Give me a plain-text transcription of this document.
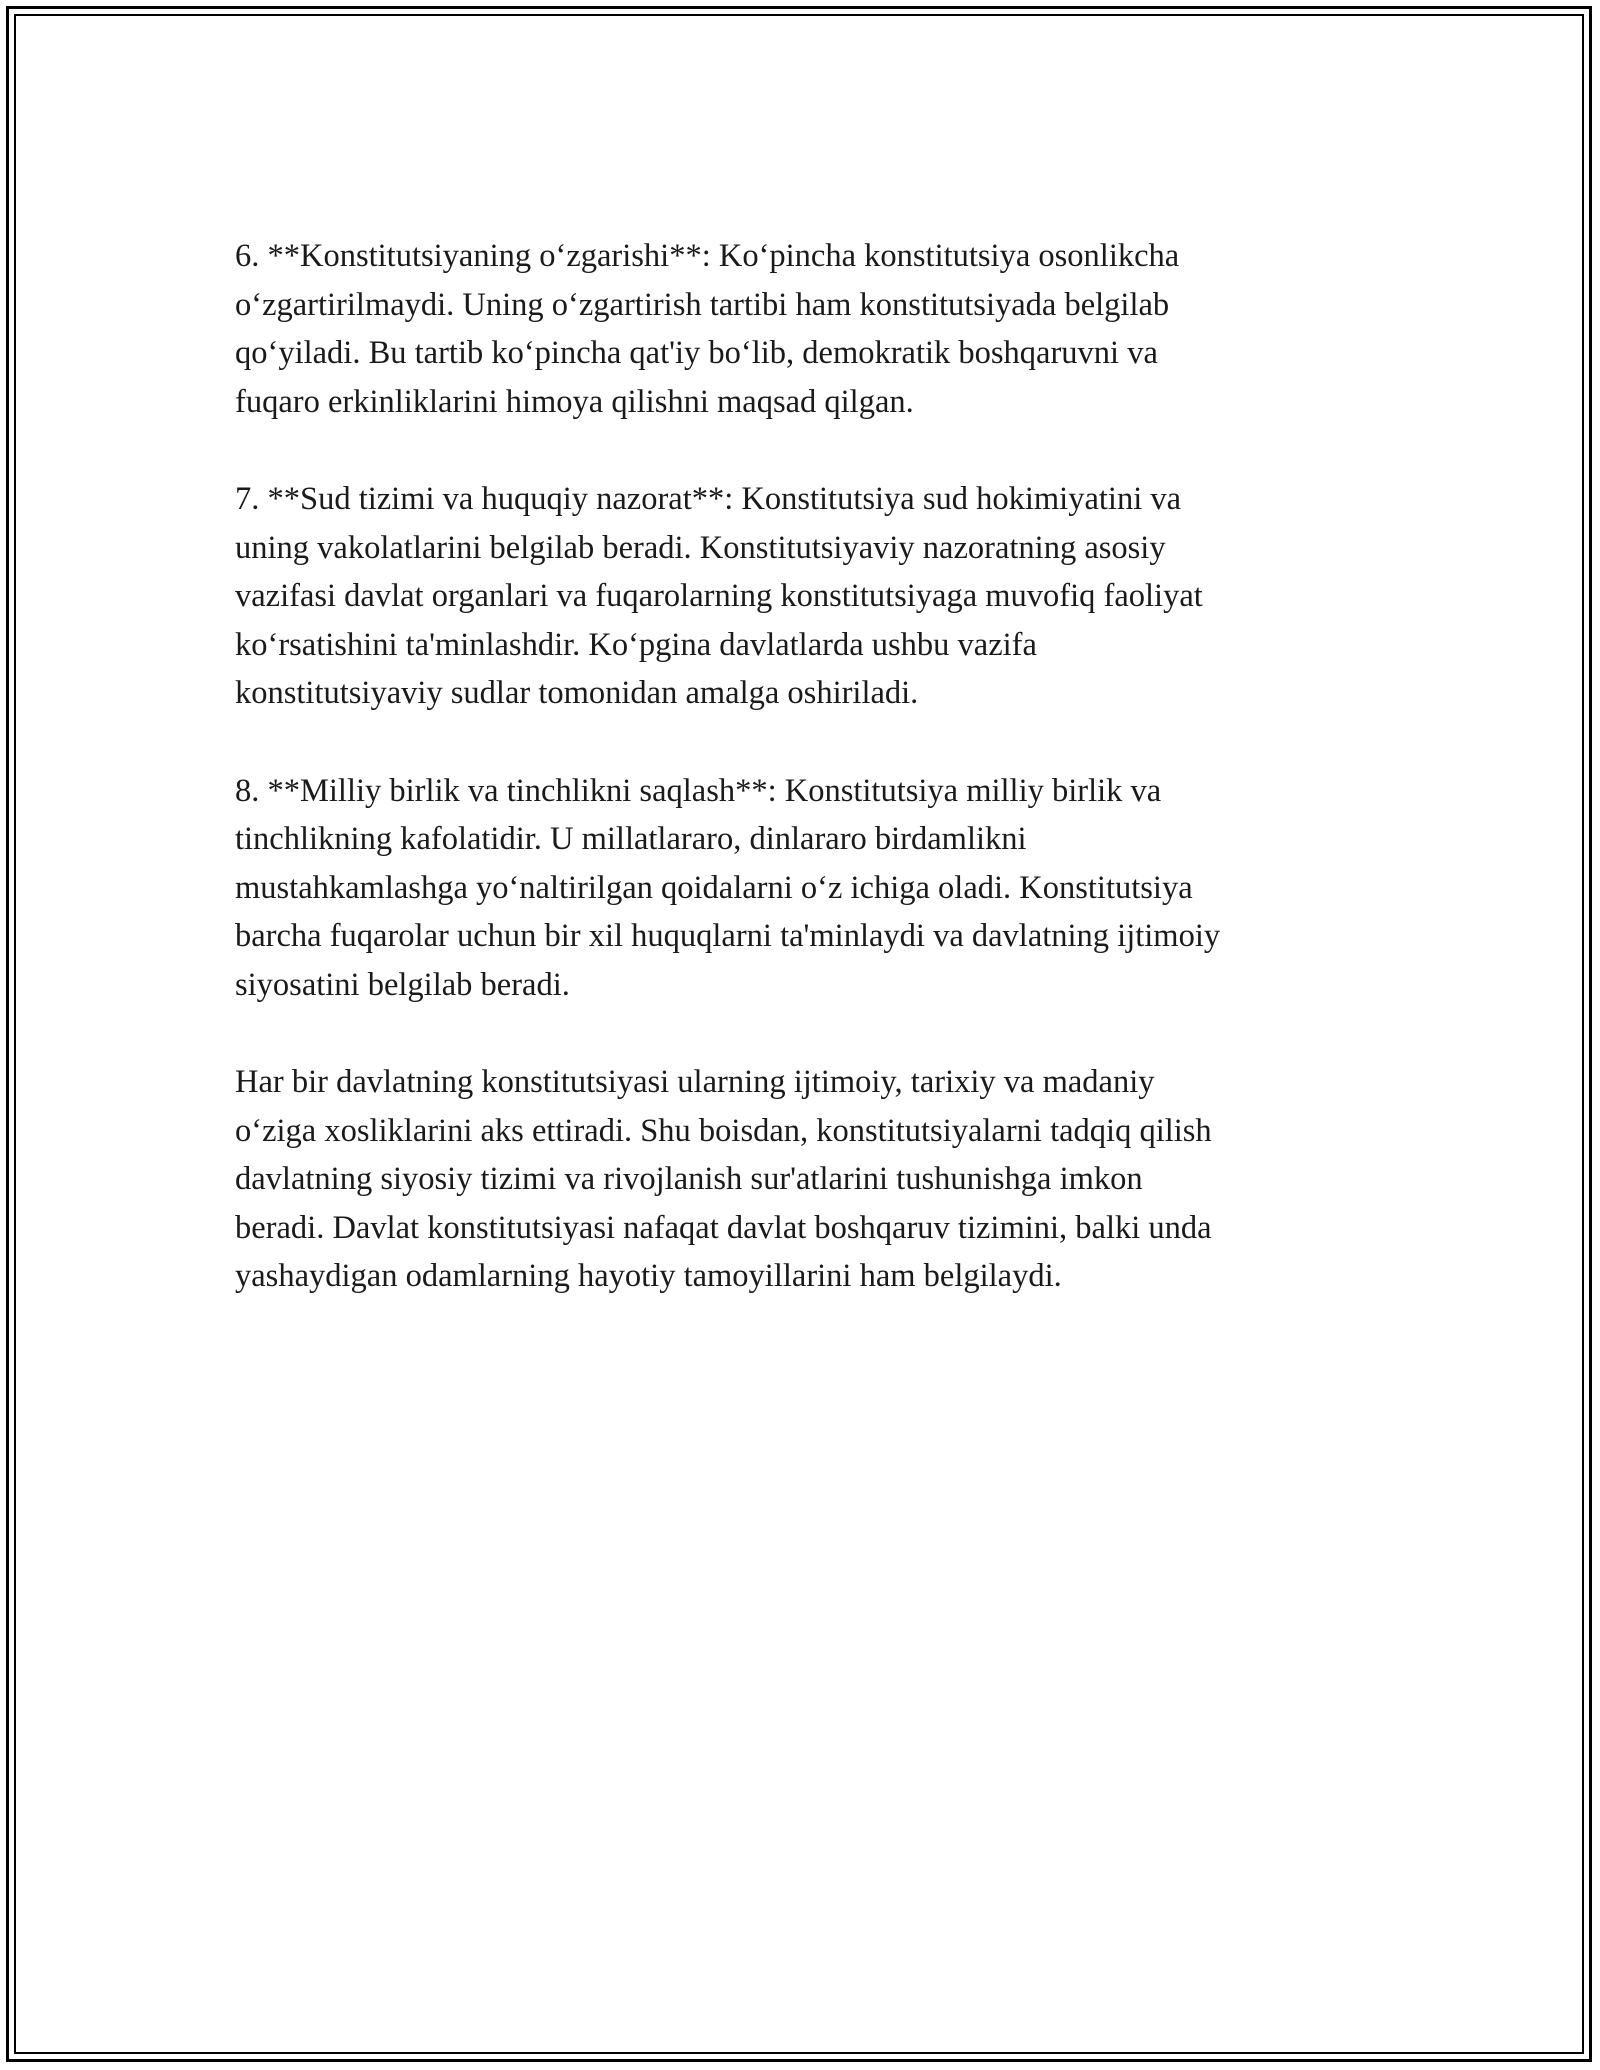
6. **Konstitutsiyaning o‘zgarishi**: Ko‘pincha konstitutsiya osonlikcha
o‘zgartirilmaydi. Uning o‘zgartirish tartibi ham konstitutsiyada belgilab
qo‘yiladi. Bu tartib ko‘pincha qat'iy bo‘lib, demokratik boshqaruvni va
fuqaro erkinliklarini himoya qilishni maqsad qilgan.

7. **Sud tizimi va huquqiy nazorat**: Konstitutsiya sud hokimiyatini va
uning vakolatlarini belgilab beradi. Konstitutsiyaviy nazoratning asosiy
vazifasi davlat organlari va fuqarolarning konstitutsiyaga muvofiq faoliyat
ko‘rsatishini ta'minlashdir. Ko‘pgina davlatlarda ushbu vazifa
konstitutsiyaviy sudlar tomonidan amalga oshiriladi.

8. **Milliy birlik va tinchlikni saqlash**: Konstitutsiya milliy birlik va
tinchlikning kafolatidir. U millatlararo, dinlararo birdamlikni
mustahkamlashga yo‘naltirilgan qoidalarni o‘z ichiga oladi. Konstitutsiya
barcha fuqarolar uchun bir xil huquqlarni ta'minlaydi va davlatning ijtimoiy
siyosatini belgilab beradi.

Har bir davlatning konstitutsiyasi ularning ijtimoiy, tarixiy va madaniy
o‘ziga xosliklarini aks ettiradi. Shu boisdan, konstitutsiyalarni tadqiq qilish
davlatning siyosiy tizimi va rivojlanish sur'atlarini tushunishga imkon
beradi. Davlat konstitutsiyasi nafaqat davlat boshqaruv tizimini, balki unda
yashaydigan odamlarning hayotiy tamoyillarini ham belgilaydi.
